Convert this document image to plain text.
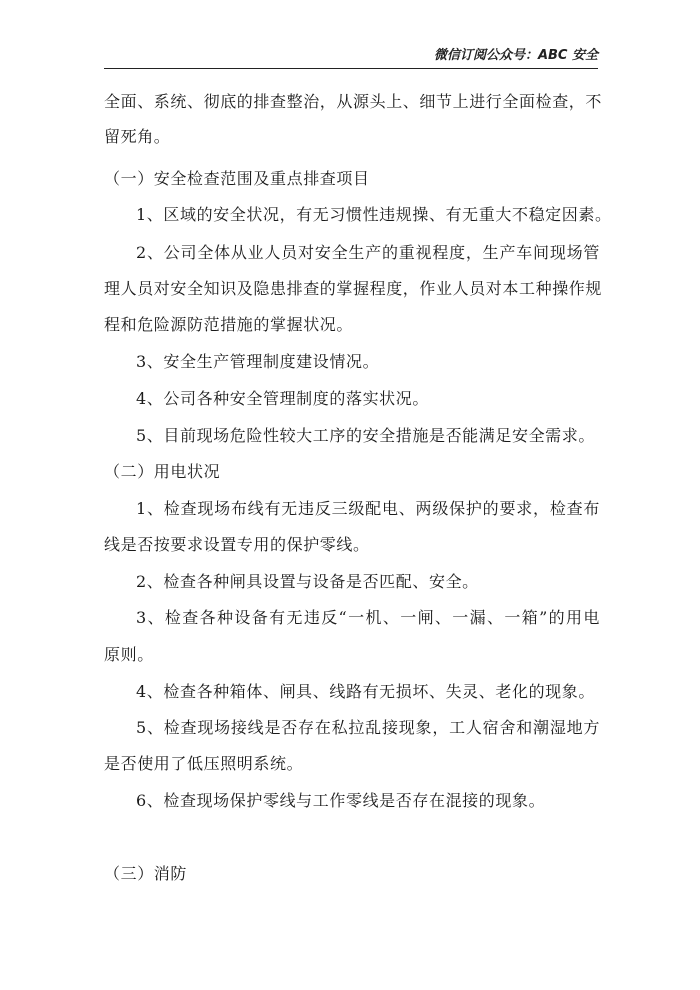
微信订阅公众号：ABC 安全
全面、系统、彻底的排查整治，从源头上、细节上进行全面检查，不
留死角。
（一）安全检查范围及重点排查项目
1、区域的安全状况，有无习惯性违规操、有无重大不稳定因素。
2、公司全体从业人员对安全生产的重视程度，生产车间现场管
理人员对安全知识及隐患排查的掌握程度，作业人员对本工种操作规
程和危险源防范措施的掌握状况。
3、安全生产管理制度建设情况。
4、公司各种安全管理制度的落实状况。
5、目前现场危险性较大工序的安全措施是否能满足安全需求。
（二）用电状况
1、检查现场布线有无违反三级配电、两级保护的要求，检查布
线是否按要求设置专用的保护零线。
2、检查各种闸具设置与设备是否匹配、安全。
3、检查各种设备有无违反“一机、一闸、一漏、一箱”的用电
原则。
4、检查各种箱体、闸具、线路有无损坏、失灵、老化的现象。
5、检查现场接线是否存在私拉乱接现象，工人宿舍和潮湿地方
是否使用了低压照明系统。
6、检查现场保护零线与工作零线是否存在混接的现象。
（三）消防
